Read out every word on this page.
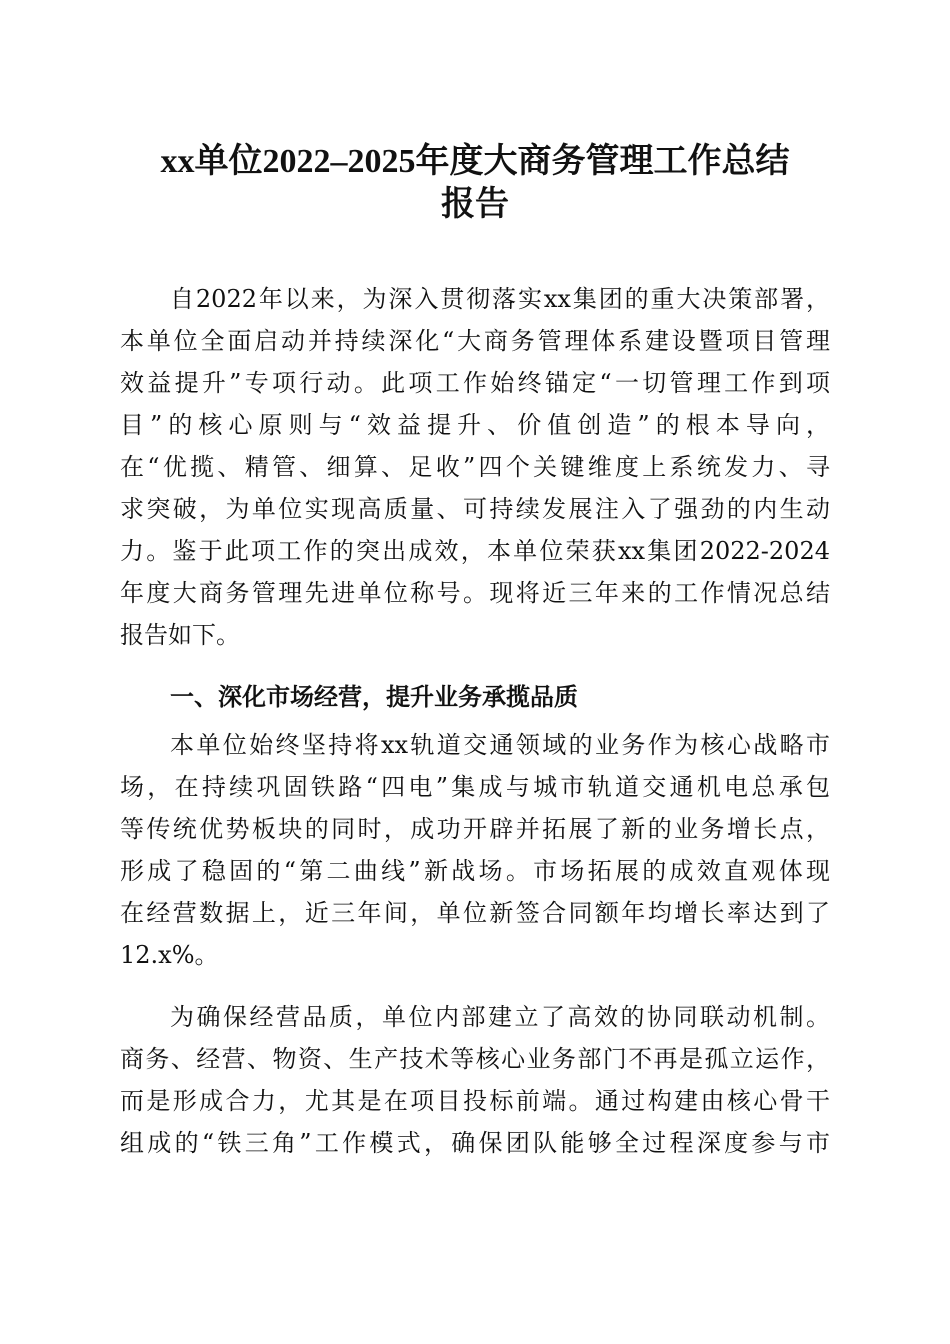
xx单位2022–2025年度大商务管理工作总结
报告
自2022年以来，为深入贯彻落实xx集团的重大决策部署，
本单位全面启动并持续深化“大商务管理体系建设暨项目管理
效益提升”专项行动。此项工作始终锚定“一切管理工作到项
目”的核心原则与“效益提升、价值创造”的根本导向，
在“优揽、精管、细算、足收”四个关键维度上系统发力、寻
求突破，为单位实现高质量、可持续发展注入了强劲的内生动
力。鉴于此项工作的突出成效，本单位荣获xx集团2022-2024
年度大商务管理先进单位称号。现将近三年来的工作情况总结
报告如下。
一、深化市场经营，提升业务承揽品质
本单位始终坚持将xx轨道交通领域的业务作为核心战略市
场，在持续巩固铁路“四电”集成与城市轨道交通机电总承包
等传统优势板块的同时，成功开辟并拓展了新的业务增长点，
形成了稳固的“第二曲线”新战场。市场拓展的成效直观体现
在经营数据上，近三年间，单位新签合同额年均增长率达到了
12.x%。
为确保经营品质，单位内部建立了高效的协同联动机制。
商务、经营、物资、生产技术等核心业务部门不再是孤立运作，
而是形成合力，尤其是在项目投标前端。通过构建由核心骨干
组成的“铁三角”工作模式，确保团队能够全过程深度参与市
